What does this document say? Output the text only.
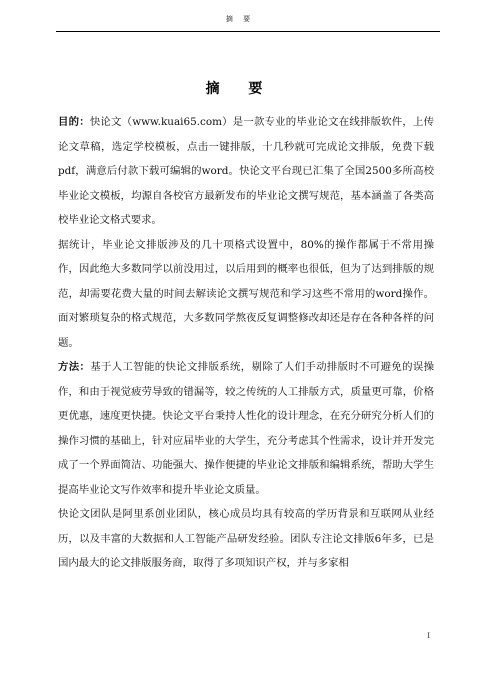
摘 要
摘 要

目的：快论文（www.kuai65.com）是一款专业的毕业论文在线排版软件，上传论文草稿，选定学校模板，点击一键排版，十几秒就可完成论文排版，免费下载pdf，满意后付款下载可编辑的word。快论文平台现已汇集了全国2500多所高校毕业论文模板，均源自各校官方最新发布的毕业论文撰写规范，基本涵盖了各类高校毕业论文格式要求。

据统计，毕业论文排版涉及的几十项格式设置中，80%的操作都属于不常用操作，因此绝大多数同学以前没用过，以后用到的概率也很低，但为了达到排版的规范，却需要花费大量的时间去解读论文撰写规范和学习这些不常用的word操作。面对繁琐复杂的格式规范，大多数同学熬夜反复调整修改却还是存在各种各样的问题。

方法：基于人工智能的快论文排版系统，剔除了人们手动排版时不可避免的误操作，和由于视觉疲劳导致的错漏等，较之传统的人工排版方式，质量更可靠，价格更优惠，速度更快捷。快论文平台秉持人性化的设计理念，在充分研究分析人们的操作习惯的基础上，针对应届毕业的大学生，充分考虑其个性需求，设计并开发完成了一个界面简洁、功能强大、操作便捷的毕业论文排版和编辑系统，帮助大学生提高毕业论文写作效率和提升毕业论文质量。

快论文团队是阿里系创业团队，核心成员均具有较高的学历背景和互联网从业经历，以及丰富的大数据和人工智能产品研发经验。团队专注论文排版6年多，已是国内最大的论文排版服务商，取得了多项知识产权，并与多家相

I
